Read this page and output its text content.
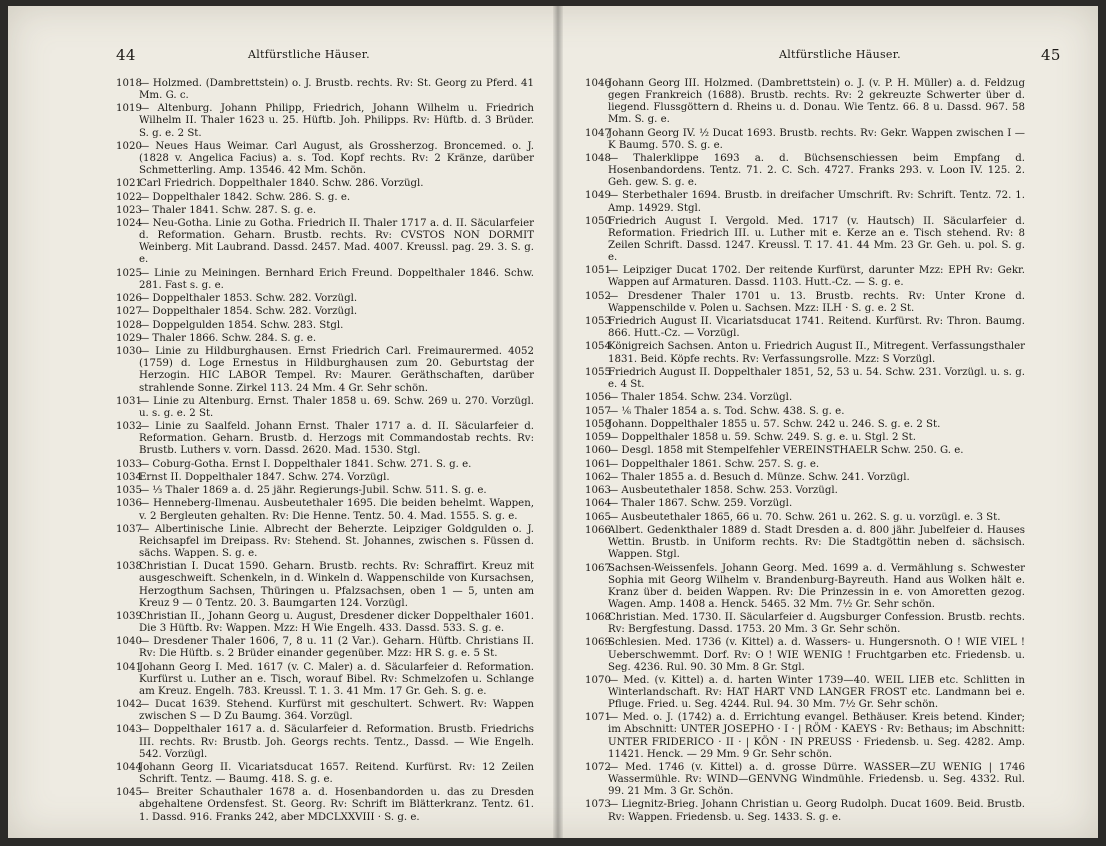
44	Altfürstliche Häuser.
1018
— Holzmed. (Dambrettstein) o. J. Brustb. rechts. Rv: St. Georg zu Pferd. 41 Mm. G. c.
1019
— Altenburg. Johann Philipp, Friedrich, Johann Wilhelm u. Friedrich Wilhelm II. Thaler 1623 u. 25. Hüftb. Joh. Philipps. Rv: Hüftb. d. 3 Brüder. S. g. e. 2 St.
1020
— Neues Haus Weimar. Carl August, als Grossherzog. Broncemed. o. J. (1828 v. Angelica Facius) a. s. Tod. Kopf rechts. Rv: 2 Kränze, darüber Schmetterling. Amp. 13546. 42 Mm. Schön.
1021
Carl Friedrich. Doppelthaler 1840. Schw. 286. Vorzügl.
1022
— Doppelthaler 1842. Schw. 286. S. g. e.
1023
— Thaler 1841. Schw. 287. S. g. e.
1024
— Neu-Gotha. Linie zu Gotha. Friedrich II. Thaler 1717 a. d. II. Säcularfeier d. Reformation. Geharn. Brustb. rechts. Rv: CVSTOS NON DORMIT Weinberg. Mit Laubrand. Dassd. 2457. Mad. 4007. Kreussl. pag. 29. 3. S. g. e.
1025
— Linie zu Meiningen. Bernhard Erich Freund. Doppelthaler 1846. Schw. 281. Fast s. g. e.
1026
— Doppelthaler 1853. Schw. 282. Vorzügl.
1027
— Doppelthaler 1854. Schw. 282. Vorzügl.
1028
— Doppelgulden 1854. Schw. 283. Stgl.
1029
— Thaler 1866. Schw. 284. S. g. e.
1030
— Linie zu Hildburghausen. Ernst Friedrich Carl. Freimaurermed. 4052 (1759) d. Loge Ernestus in Hildburghausen zum 20. Geburtstag der Herzogin. HIC LABOR Tempel. Rv: Maurer. Geräthschaften, darüber strahlende Sonne. Zirkel 113. 24 Mm. 4 Gr. Sehr schön.
1031
— Linie zu Altenburg. Ernst. Thaler 1858 u. 69. Schw. 269 u. 270. Vorzügl. u. s. g. e. 2 St.
1032
— Linie zu Saalfeld. Johann Ernst. Thaler 1717 a. d. II. Säcularfeier d. Reformation. Geharn. Brustb. d. Herzogs mit Commandostab rechts. Rv: Brustb. Luthers v. vorn. Dassd. 2620. Mad. 1530. Stgl.
1033
— Coburg-Gotha. Ernst I. Doppelthaler 1841. Schw. 271. S. g. e.
1034
Ernst II. Doppelthaler 1847. Schw. 274. Vorzügl.
1035
— ⅓ Thaler 1869 a. d. 25 jähr. Regierungs-Jubil. Schw. 511. S. g. e.
1036
— Henneberg-Ilmenau. Ausbeutethaler 1695. Die beiden behelmt. Wappen, v. 2 Bergleuten gehalten. Rv: Die Henne. Tentz. 50. 4. Mad. 1555. S. g. e.
1037
— Albertinische Linie. Albrecht der Beherzte. Leipziger Goldgulden o. J. Reichsapfel im Dreipass. Rv: Stehend. St. Johannes, zwischen s. Füssen d. sächs. Wappen. S. g. e.
1038
Christian I. Ducat 1590. Geharn. Brustb. rechts. Rv: Schraffirt. Kreuz mit ausgeschweift. Schenkeln, in d. Winkeln d. Wappenschilde von Kursachsen, Herzogthum Sachsen, Thüringen u. Pfalzsachsen, oben 1 — 5, unten am Kreuz 9 — 0 Tentz. 20. 3. Baumgarten 124. Vorzügl.
1039
Christian II., Johann Georg u. August, Dresdener dicker Doppelthaler 1601. Die 3 Hüftb. Rv: Wappen. Mzz: H Wie Engelh. 433. Dassd. 533. S. g. e.
1040
— Dresdener Thaler 1606, 7, 8 u. 11 (2 Var.). Geharn. Hüftb. Christians II. Rv: Die Hüftb. s. 2 Brüder einander gegenüber. Mzz: HR S. g. e. 5 St.
1041
Johann Georg I. Med. 1617 (v. C. Maler) a. d. Säcularfeier d. Reformation. Kurfürst u. Luther an e. Tisch, worauf Bibel. Rv: Schmelzofen u. Schlange am Kreuz. Engelh. 783. Kreussl. T. 1. 3. 41 Mm. 17 Gr. Geh. S. g. e.
1042
— Ducat 1639. Stehend. Kurfürst mit geschultert. Schwert. Rv: Wappen zwischen S — D Zu Baumg. 364. Vorzügl.
1043
— Doppelthaler 1617 a. d. Säcularfeier d. Reformation. Brustb. Friedrichs III. rechts. Rv: Brustb. Joh. Georgs rechts. Tentz., Dassd. — Wie Engelh. 542. Vorzügl.
1044
Johann Georg II. Vicariatsducat 1657. Reitend. Kurfürst. Rv: 12 Zeilen Schrift. Tentz. — Baumg. 418. S. g. e.
1045
— Breiter Schauthaler 1678 a. d. Hosenbandorden u. das zu Dresden abgehaltene Ordensfest. St. Georg. Rv: Schrift im Blätterkranz. Tentz. 61. 1. Dassd. 916. Franks 242, aber MDCLXXVIII · S. g. e.
Altfürstliche Häuser.	45
1046
Johann Georg III. Holzmed. (Dambrettstein) o. J. (v. P. H. Müller) a. d. Feldzug gegen Frankreich (1688). Brustb. rechts. Rv: 2 gekreuzte Schwerter über d. liegend. Flussgöttern d. Rheins u. d. Donau. Wie Tentz. 66. 8 u. Dassd. 967. 58 Mm. S. g. e.
1047
Johann Georg IV. ½ Ducat 1693. Brustb. rechts. Rv: Gekr. Wappen zwischen I — K Baumg. 570. S. g. e.
1048
— Thalerklippe 1693 a. d. Büchsenschiessen beim Empfang d. Hosenbandordens. Tentz. 71. 2. C. Sch. 4727. Franks 293. v. Loon IV. 125. 2. Geh. gew. S. g. e.
1049
— Sterbethaler 1694. Brustb. in dreifacher Umschrift. Rv: Schrift. Tentz. 72. 1. Amp. 14929. Stgl.
1050
Friedrich August I. Vergold. Med. 1717 (v. Hautsch) II. Säcularfeier d. Reformation. Friedrich III. u. Luther mit e. Kerze an e. Tisch stehend. Rv: 8 Zeilen Schrift. Dassd. 1247. Kreussl. T. 17. 41. 44 Mm. 23 Gr. Geh. u. pol. S. g. e.
1051
— Leipziger Ducat 1702. Der reitende Kurfürst, darunter Mzz: EPH Rv: Gekr. Wappen auf Armaturen. Dassd. 1103. Hutt.-Cz. — S. g. e.
1052
— Dresdener Thaler 1701 u. 13. Brustb. rechts. Rv: Unter Krone d. Wappenschilde v. Polen u. Sachsen. Mzz: ILH · S. g. e. 2 St.
1053
Friedrich August II. Vicariatsducat 1741. Reitend. Kurfürst. Rv: Thron. Baumg. 866. Hutt.-Cz. — Vorzügl.
1054
Königreich Sachsen. Anton u. Friedrich August II., Mitregent. Verfassungsthaler 1831. Beid. Köpfe rechts. Rv: Verfassungsrolle. Mzz: S Vorzügl.
1055
Friedrich August II. Doppelthaler 1851, 52, 53 u. 54. Schw. 231. Vorzügl. u. s. g. e. 4 St.
1056
— Thaler 1854. Schw. 234. Vorzügl.
1057
— ⅙ Thaler 1854 a. s. Tod. Schw. 438. S. g. e.
1058
Johann. Doppelthaler 1855 u. 57. Schw. 242 u. 246. S. g. e. 2 St.
1059
— Doppelthaler 1858 u. 59. Schw. 249. S. g. e. u. Stgl. 2 St.
1060
— Desgl. 1858 mit Stempelfehler VEREINSTHAELR Schw. 250. G. e.
1061
— Doppelthaler 1861. Schw. 257. S. g. e.
1062
— Thaler 1855 a. d. Besuch d. Münze. Schw. 241. Vorzügl.
1063
— Ausbeutethaler 1858. Schw. 253. Vorzügl.
1064
— Thaler 1867. Schw. 259. Vorzügl.
1065
— Ausbeutethaler 1865, 66 u. 70. Schw. 261 u. 262. S. g. u. vorzügl. e. 3 St.
1066
Albert. Gedenkthaler 1889 d. Stadt Dresden a. d. 800 jähr. Jubelfeier d. Hauses Wettin. Brustb. in Uniform rechts. Rv: Die Stadtgöttin neben d. sächsisch. Wappen. Stgl.
1067
Sachsen-Weissenfels. Johann Georg. Med. 1699 a. d. Vermählung s. Schwester Sophia mit Georg Wilhelm v. Brandenburg-Bayreuth. Hand aus Wolken hält e. Kranz über d. beiden Wappen. Rv: Die Prinzessin in e. von Amoretten gezog. Wagen. Amp. 1408 a. Henck. 5465. 32 Mm. 7½ Gr. Sehr schön.
1068
Christian. Med. 1730. II. Säcularfeier d. Augsburger Confession. Brustb. rechts. Rv: Bergfestung. Dassd. 1753. 20 Mm. 3 Gr. Sehr schön.
1069
Schlesien. Med. 1736 (v. Kittel) a. d. Wassers- u. Hungersnoth. O ! WIE VIEL ! Ueberschwemmt. Dorf. Rv: O ! WIE WENIG ! Fruchtgarben etc. Friedensb. u. Seg. 4236. Rul. 90. 30 Mm. 8 Gr. Stgl.
1070
— Med. (v. Kittel) a. d. harten Winter 1739—40. WEIL LIEB etc. Schlitten in Winterlandschaft. Rv: HAT HART VND LANGER FROST etc. Landmann bei e. Pfluge. Fried. u. Seg. 4244. Rul. 94. 30 Mm. 7½ Gr. Sehr schön.
1071
— Med. o. J. (1742) a. d. Errichtung evangel. Bethäuser. Kreis betend. Kinder; im Abschnitt: UNTER JOSEPHO · I · | RÖM · KAEYS · Rv: Bethaus; im Abschnitt: UNTER FRIDERICO · II · | KÖN · IN PREUSS · Friedensb. u. Seg. 4282. Amp. 11421. Henck. — 29 Mm. 9 Gr. Sehr schön.
1072
— Med. 1746 (v. Kittel) a. d. grosse Dürre. WASSER—ZU WENIG | 1746 Wassermühle. Rv: WIND—GENVNG Windmühle. Friedensb. u. Seg. 4332. Rul. 99. 21 Mm. 3 Gr. Schön.
1073
— Liegnitz-Brieg. Johann Christian u. Georg Rudolph. Ducat 1609. Beid. Brustb. Rv: Wappen. Friedensb. u. Seg. 1433. S. g. e.
